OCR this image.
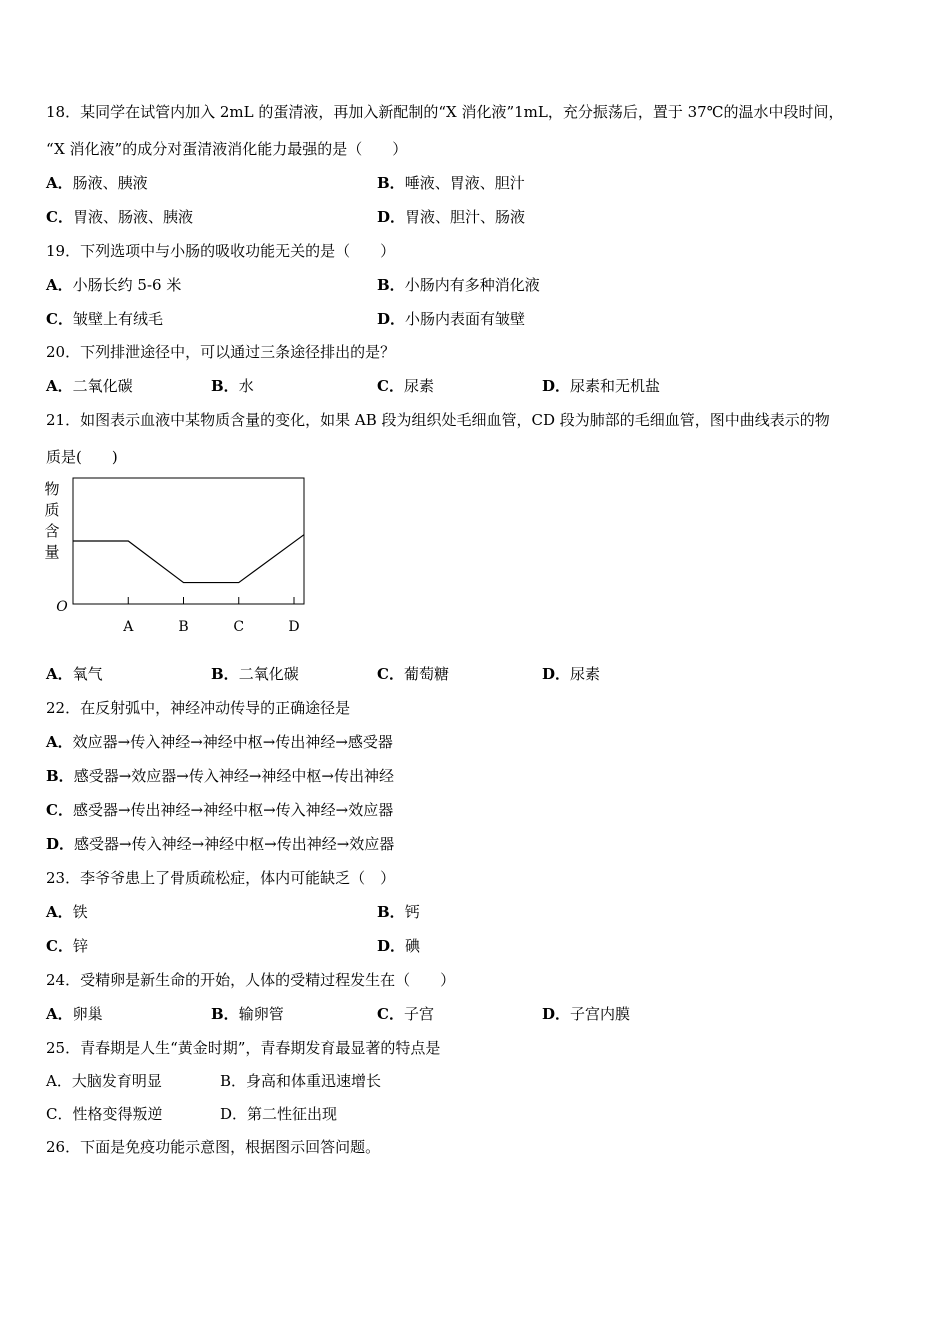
18．某同学在试管内加入 2mL 的蛋清液，再加入新配制的“X 消化液”1mL，充分振荡后，置于 37℃的温水中段时间，
“X 消化液”的成分对蛋清液消化能力最强的是（　　）
A．肠液、胰液	B．唾液、胃液、胆汁
C．胃液、肠液、胰液	D．胃液、胆汁、肠液
19．下列选项中与小肠的吸收功能无关的是（　　）
A．小肠长约 5-6 米	B．小肠内有多种消化液
C．皱壁上有绒毛	D．小肠内表面有皱壁
20．下列排泄途径中，可以通过三条途径排出的是？
A．二氧化碳	B．水	C．尿素	D．尿素和无机盐
21．如图表示血液中某物质含量的变化，如果 AB 段为组织处毛细血管，CD 段为肺部的毛细血管，图中曲线表示的物
质是(　　)
物
质
含
量
O
A	B	C	D
A．氧气	B．二氧化碳	C．葡萄糖	D．尿素
22．在反射弧中，神经冲动传导的正确途径是
A．效应器→传入神经→神经中枢→传出神经→感受器
B．感受器→效应器→传入神经→神经中枢→传出神经
C．感受器→传出神经→神经中枢→传入神经→效应器
D．感受器→传入神经→神经中枢→传出神经→效应器
23．李爷爷患上了骨质疏松症，体内可能缺乏（　）
A．铁	B．钙
C．锌	D．碘
24．受精卵是新生命的开始，人体的受精过程发生在（　　）
A．卵巢	B．输卵管	C．子宫	D．子宫内膜
25．青春期是人生“黄金时期”，青春期发育最显著的特点是
A．大脑发育明显	B．身高和体重迅速增长
C．性格变得叛逆	D．第二性征出现
26．下面是免疫功能示意图，根据图示回答问题。
